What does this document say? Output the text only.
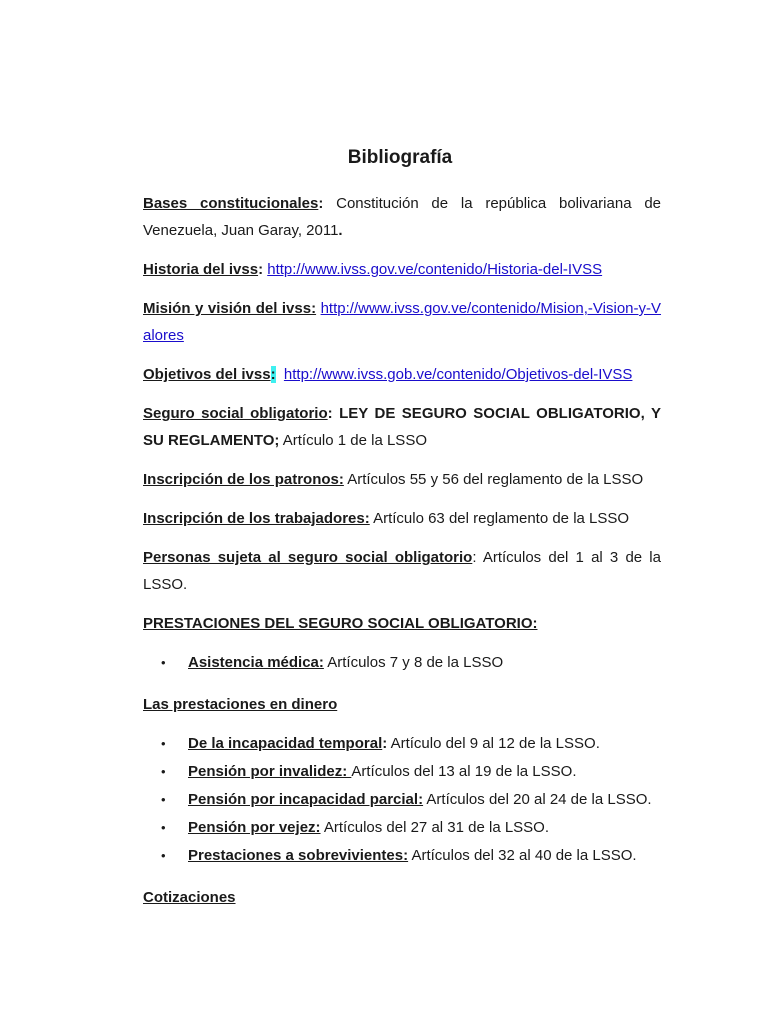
Bibliografía

Bases constitucionales: Constitución de la república bolivariana de Venezuela, Juan Garay, 2011.

Historia del ivss: http://www.ivss.gov.ve/contenido/Historia-del-IVSS

Misión y visión del ivss: http://www.ivss.gov.ve/contenido/Mision,-Vision-y-Valores

Objetivos del ivss: http://www.ivss.gob.ve/contenido/Objetivos-del-IVSS

Seguro social obligatorio: LEY DE SEGURO SOCIAL OBLIGATORIO, Y SU REGLAMENTO; Artículo 1 de la LSSO

Inscripción de los patronos: Artículos 55 y 56 del reglamento de la LSSO

Inscripción de los trabajadores: Artículo 63 del reglamento de la LSSO

Personas sujeta al seguro social obligatorio: Artículos del 1 al 3 de la LSSO.

PRESTACIONES DEL SEGURO SOCIAL OBLIGATORIO:

• Asistencia médica: Artículos 7 y 8 de la LSSO

Las prestaciones en dinero

• De la incapacidad temporal: Artículo del 9 al 12 de la LSSO.
• Pensión por invalidez: Artículos del 13 al 19 de la LSSO.
• Pensión por incapacidad parcial: Artículos del 20 al 24 de la LSSO.
• Pensión por vejez: Artículos del 27 al 31 de la LSSO.
• Prestaciones a sobrevivientes: Artículos del 32 al 40 de la LSSO.

Cotizaciones
